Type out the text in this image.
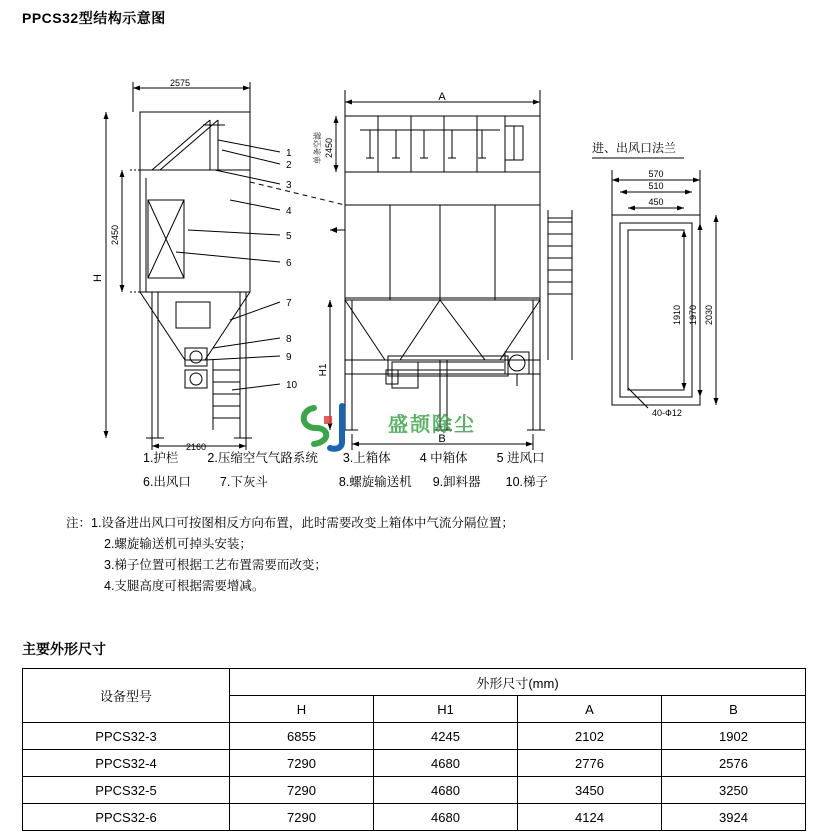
PPCS32型结构示意图
2575
2160
2450
H
A
2450
单条空滤
H1
B
570
510
450
1910 1970 2030
40-Ф12
1
2
3
4
5
6
7
8
9
10
进、出风口法兰
盛颉除尘
1.护栏 2.压缩空气气路系统 3.上箱体 4 中箱体 5 进风口
6.出风口 7.下灰斗	8.螺旋输送机 9.卸料器 10.梯子
注：1.设备进出风口可按图相反方向布置，此时需要改变上箱体中气流分隔位置；
2.螺旋输送机可掉头安装；
3.梯子位置可根据工艺布置需要而改变；
4.支腿高度可根据需要增减。
主要外形尺寸
设备型号	外形尺寸(mm)			
	H	H1	A	B
PPCS32-3	6855	4245	2102	1902
PPCS32-4	7290	4680	2776	2576
PPCS32-5	7290	4680	3450	3250
PPCS32-6	7290	4680	4124	3924
